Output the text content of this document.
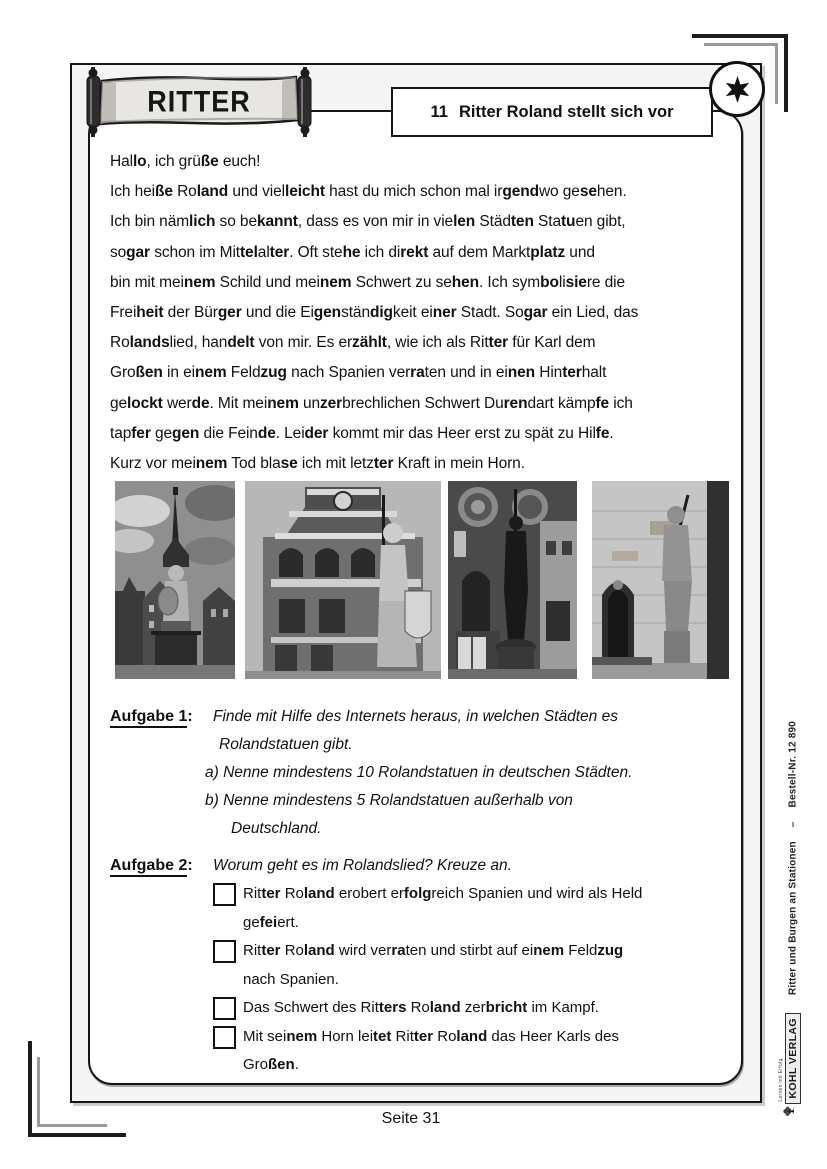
Hallo, ich grüße euch!
Ich heiße Roland und vielleicht hast du mich schon mal irgendwo gesehen.
Ich bin nämlich so bekannt, dass es von mir in vielen Städten Statuen gibt,
sogar schon im Mittelalter. Oft stehe ich direkt auf dem Marktplatz und
bin mit meinem Schild und meinem Schwert zu sehen. Ich symbolisiere die
Freiheit der Bürger und die Eigenständigkeit einer Stadt. Sogar ein Lied, das
Rolandslied, handelt von mir. Es erzählt, wie ich als Ritter für Karl dem
Großen in einem Feldzug nach Spanien verraten und in einen Hinterhalt
gelockt werde. Mit meinem unzerbrechlichen Schwert Durendart kämpfe ich
tapfer gegen die Feinde. Leider kommt mir das Heer erst zu spät zu Hilfe.
Kurz vor meinem Tod blase ich mit letzter Kraft in mein Horn.
Aufgabe 1:	Finde mit Hilfe des Internets heraus, in welchen Städten es
Rolandstatuen gibt.
a) Nenne mindestens 10 Rolandstatuen in deutschen Städten.
b) Nenne mindestens 5 Rolandstatuen außerhalb von
Deutschland.
Aufgabe 2:	Worum geht es im Rolandslied? Kreuze an.
Ritter Roland erobert erfolgreich Spanien und wird als Held
gefeiert.
Ritter Roland wird verraten und stirbt auf einem Feldzug
nach Spanien.
Das Schwert des Ritters Roland zerbricht im Kampf.
Mit seinem Horn leitet Ritter Roland das Heer Karls des
Großen.
RITTER	11 Ritter Roland stellt sich vor
Ritter und Burgen an Stationen–Bestell-Nr. 12 890
Lernen mit Erfolg KOHL VERLAG
Seite 31
